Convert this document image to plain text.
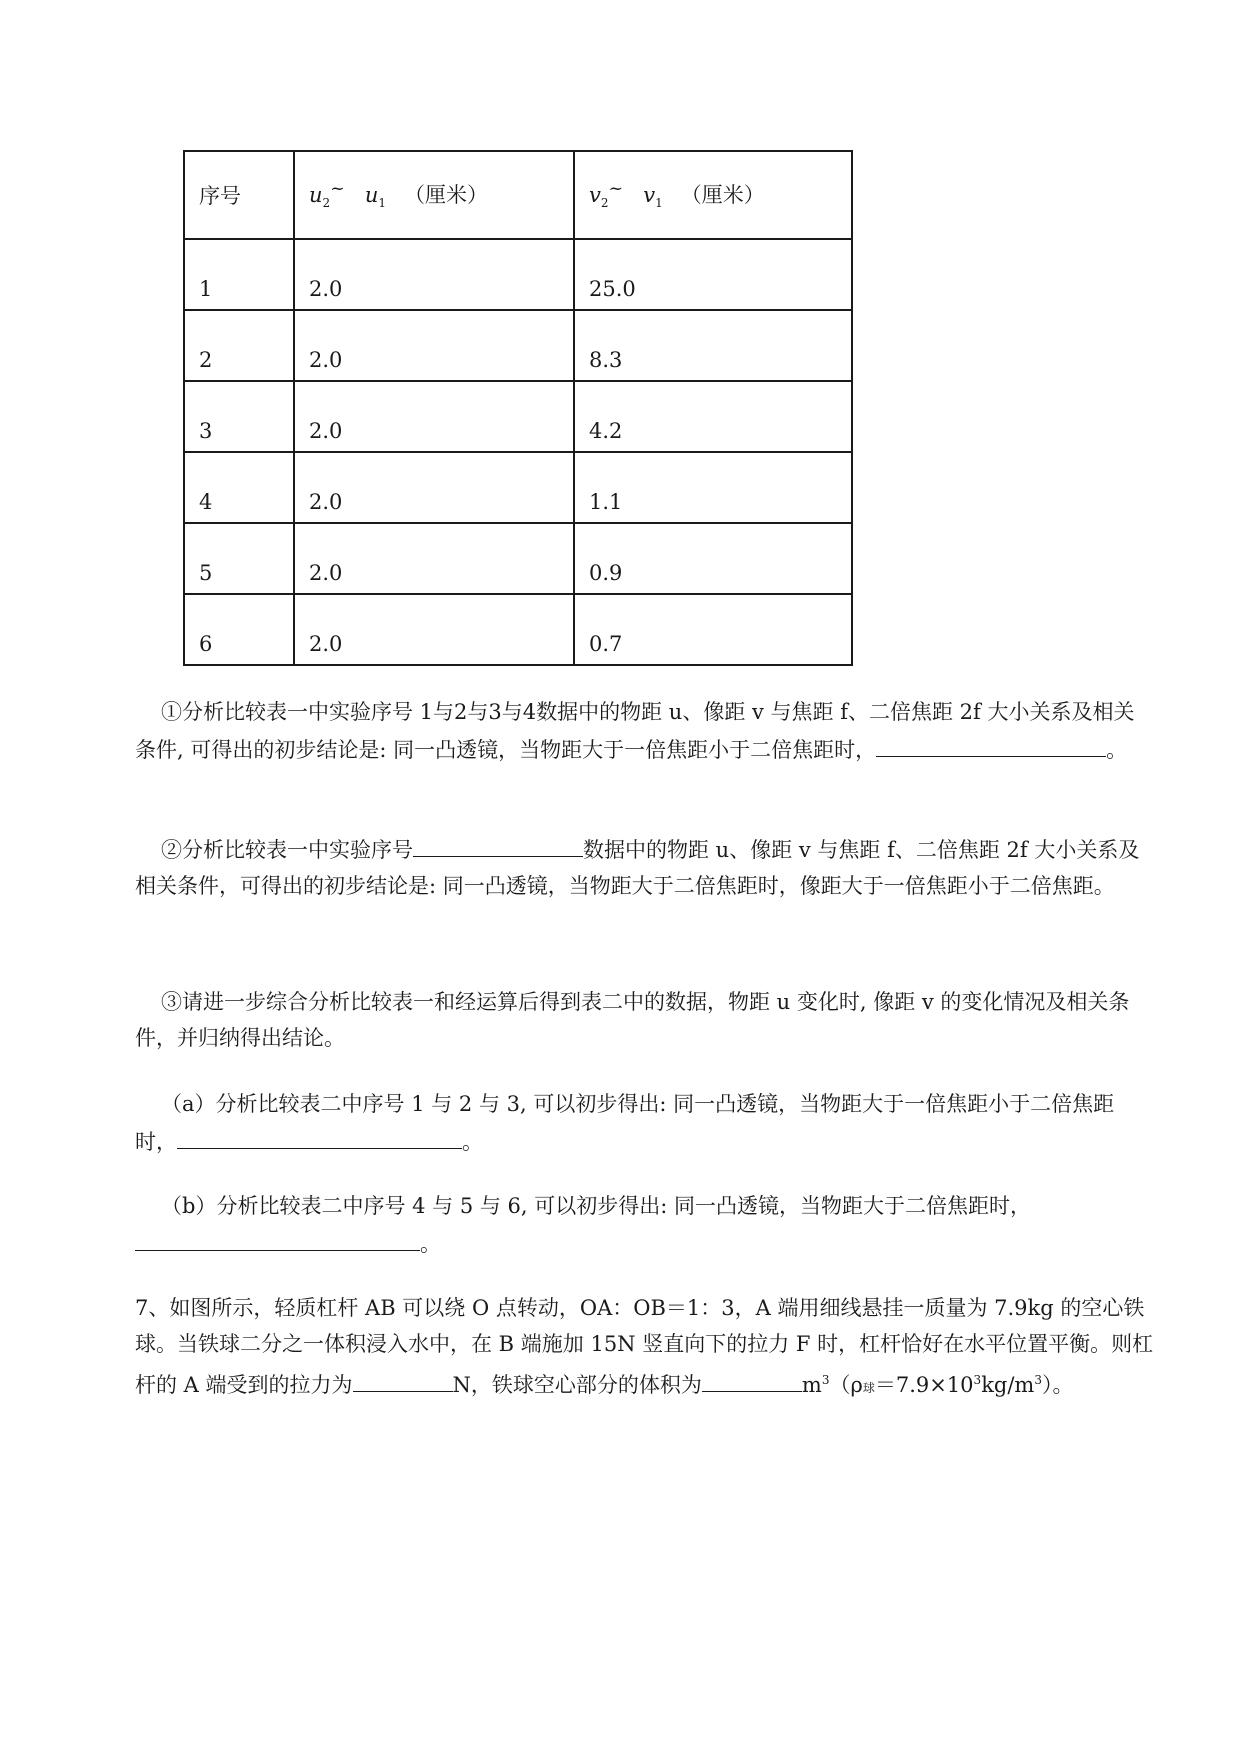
序号	$u_2^\sim$ $u_1$ （厘米）	$v_2^\sim$ $v_1$ （厘米）
1	2.0	25.0
2	2.0	8.3
3	2.0	4.2
4	2.0	1.1
5	2.0	0.9
6	2.0	0.7

①分析比较表一中实验序号 1与2与3与4数据中的物距 u、像距 v 与焦距 f、二倍焦距 2f 大小关系及相关条件, 可得出的初步结论是: 同一凸透镜，当物距大于一倍焦距小于二倍焦距时，	。

②分析比较表一中实验序号	数据中的物距 u、像距 v 与焦距 f、二倍焦距 2f 大小关系及相关条件，可得出的初步结论是: 同一凸透镜，当物距大于二倍焦距时，像距大于一倍焦距小于二倍焦距。

③请进一步综合分析比较表一和经运算后得到表二中的数据，物距 u 变化时, 像距 v 的变化情况及相关条件，并归纳得出结论。

（a）分析比较表二中序号 1 与 2 与 3, 可以初步得出: 同一凸透镜，当物距大于一倍焦距小于二倍焦距时，	。

（b）分析比较表二中序号 4 与 5 与 6, 可以初步得出: 同一凸透镜，当物距大于二倍焦距时，。

7、如图所示，轻质杠杆 AB 可以绕 O 点转动，OA：OB＝1：3，A 端用细线悬挂一质量为 7.9kg 的空心铁球。当铁球二分之一体积浸入水中，在 B 端施加 15N 竖直向下的拉力 F 时，杠杆恰好在水平位置平衡。则杠杆的 A 端受到的拉力为	N，铁球空心部分的体积为	$m^3(\rho$球$=7.9\times 10^3kg/m^3$）。
